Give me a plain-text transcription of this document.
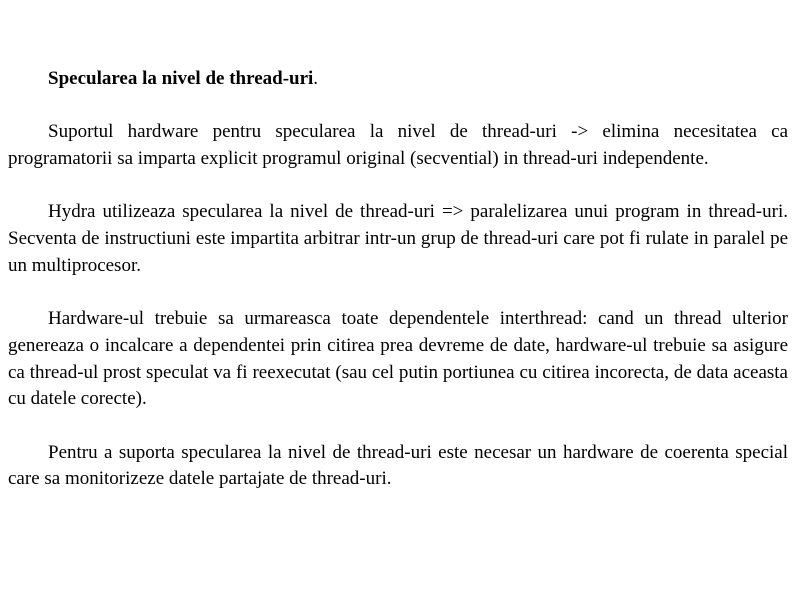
Specularea la nivel de thread-uri.

Suportul hardware pentru specularea la nivel de thread-uri -> elimina necesitatea ca programatorii sa imparta explicit programul original (secvential) in thread-uri independente.

Hydra utilizeaza specularea la nivel de thread-uri => paralelizarea unui program in thread-uri. Secventa de instructiuni este impartita arbitrar intr-un grup de thread-uri care pot fi rulate in paralel pe un multiprocesor.

Hardware-ul trebuie sa urmareasca toate dependentele interthread: cand un thread ulterior genereaza o incalcare a dependentei prin citirea prea devreme de date, hardware-ul trebuie sa asigure ca thread-ul prost speculat va fi reexecutat (sau cel putin portiunea cu citirea incorecta, de data aceasta cu datele corecte).

Pentru a suporta specularea la nivel de thread-uri este necesar un hardware de coerenta special care sa monitorizeze datele partajate de thread-uri.
